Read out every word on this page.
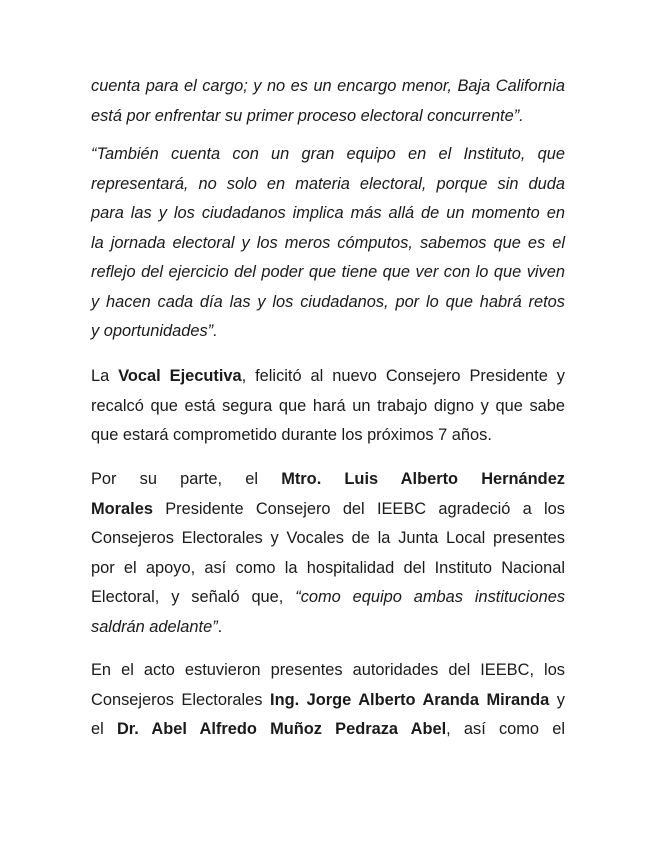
cuenta para el cargo; y no es un encargo menor, Baja California
está por enfrentar su primer proceso electoral concurrente”.

“También cuenta con un gran equipo en el Instituto, que
representará, no solo en materia electoral, porque sin duda
para las y los ciudadanos implica más allá de un momento en
la jornada electoral y los meros cómputos, sabemos que es el
reflejo del ejercicio del poder que tiene que ver con lo que viven
y hacen cada día las y los ciudadanos, por lo que habrá retos
y oportunidades”.

La Vocal Ejecutiva, felicitó al nuevo Consejero Presidente y
recalcó que está segura que hará un trabajo digno y que sabe
que estará comprometido durante los próximos 7 años.

Por su parte, el Mtro. Luis Alberto Hernández
Morales Presidente Consejero del IEEBC agradeció a los
Consejeros Electorales y Vocales de la Junta Local presentes
por el apoyo, así como la hospitalidad del Instituto Nacional
Electoral, y señaló que, “como equipo ambas instituciones
saldrán adelante”.

En el acto estuvieron presentes autoridades del IEEBC, los
Consejeros Electorales Ing. Jorge Alberto Aranda Miranda y
el Dr. Abel Alfredo Muñoz Pedraza Abel, así como el
